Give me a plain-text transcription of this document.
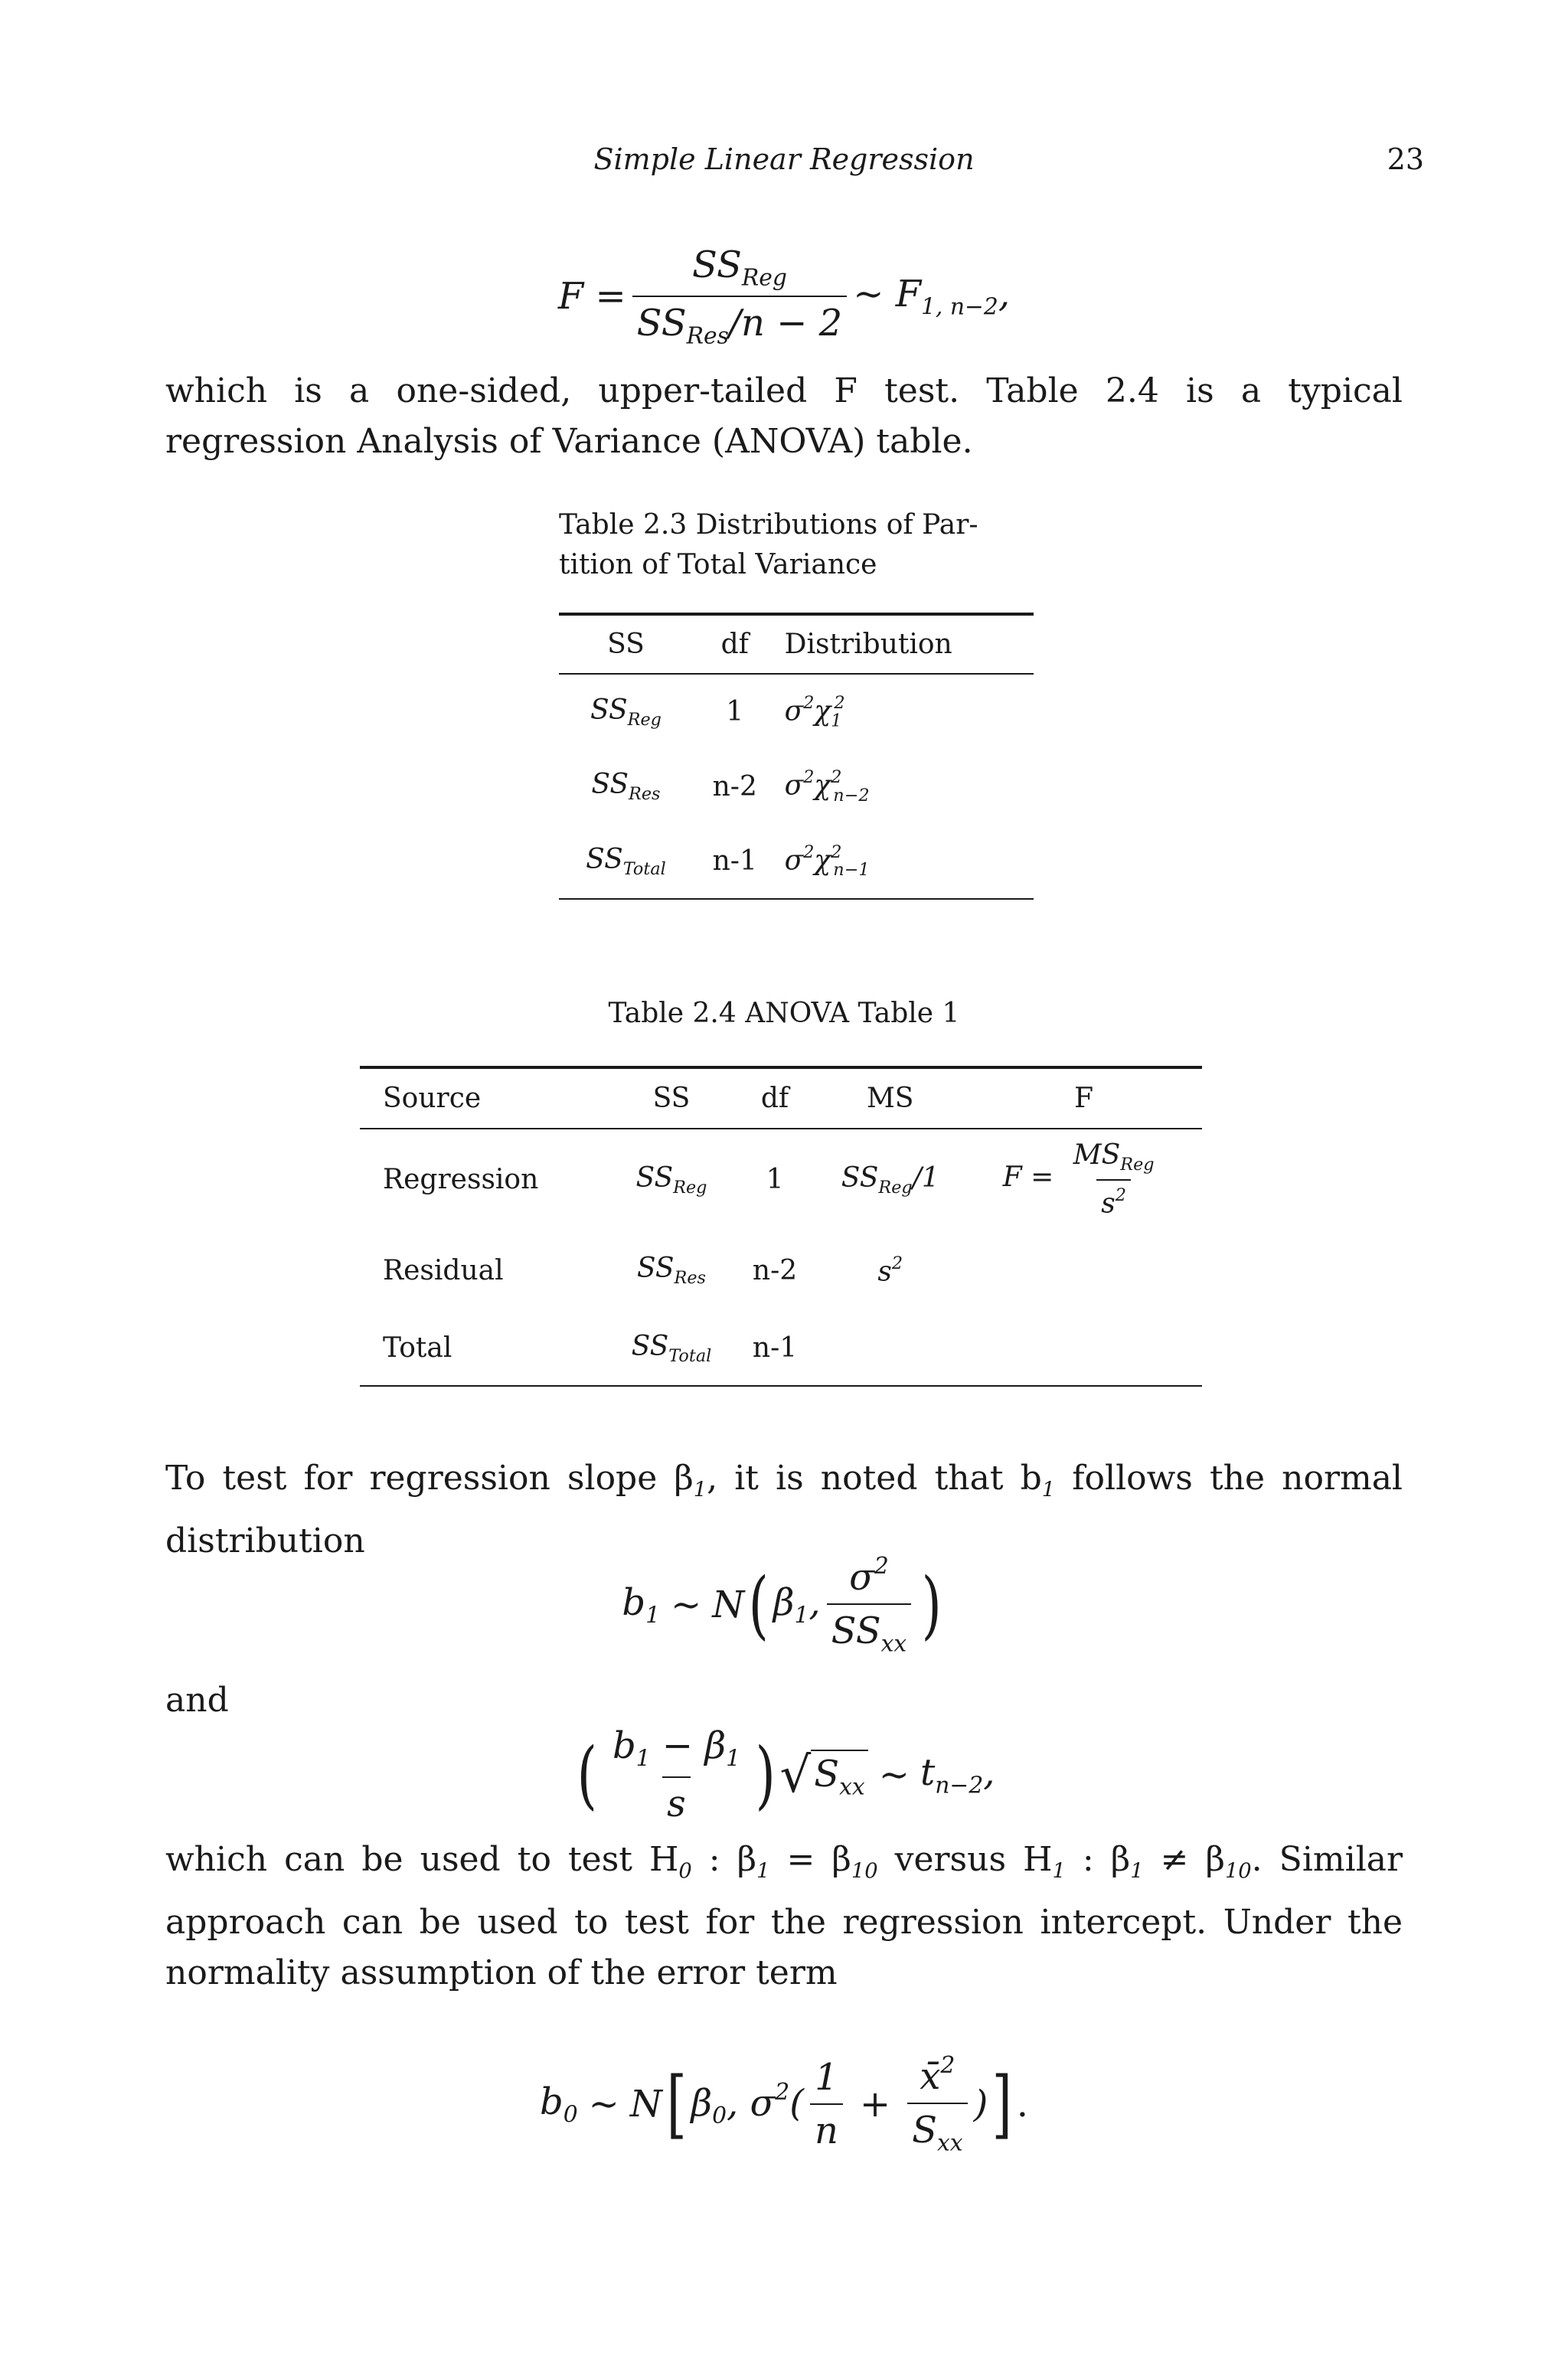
Simple Linear Regression	23
$F = \frac{SS_{Reg}}{SS_{Res}/n - 2}$ ∼ $F_{1, n-2}$,
which is a one-sided, upper-tailed F test. Table 2.4 is a typical regression Analysis of Variance (ANOVA) table.
Table 2.3 Distributions of Par-
tition of Total Variance
SS	df	Distribution
$SS_{Reg}$	1	$\sigma^2\chi_1^2$
$SS_{Res}$	n-2	$\sigma^2\chi^2_{n-2}$
$SS_{Total}$	n-1	$\sigma^2\chi^2_{n-1}$
Table 2.4 ANOVA Table 1
Source	SS	df	MS	F
Regression	$SS_{Reg}$	1	$SS_{Reg}/1$	$F = \frac{MS_{Reg}}{s^2}$

Residual	$SS_{Res}$	n-2	$s^2$	
Total	$SS_{Total}$	n-1		
To test for regression slope $\beta_1$, it is noted that $b_1$ follows the normal distribution
$b_1$ ∼ N ( $\beta_1$, $\frac{\sigma^2}{SS_{xx}}$ )
and
( $\frac{b_1 - \beta_1}{s}$ ) √ $S_{xx}$ ∼ $t_{n-2}$,
which can be used to test $H_0$ : $\beta_1 = \beta_{10}$ versus $H_1$ : $\beta_1 \ne \beta_{10}$. Similar approach can be used to test for the regression intercept. Under the normality assumption of the error term
$b_0$ ∼ N [ $\beta_0$, $\sigma^2( \frac{1}{n} + \frac{x̄^2}{S_{xx}}$ ) ] .
